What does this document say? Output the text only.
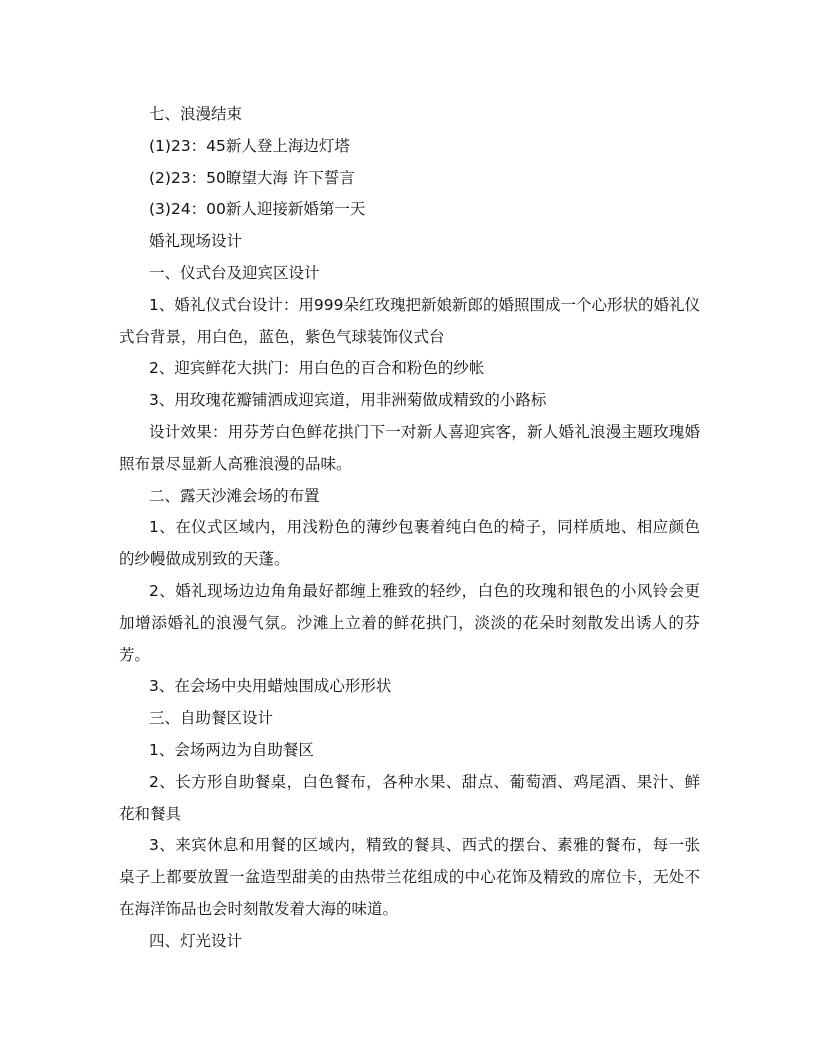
七、浪漫结束

(1)23：45新人登上海边灯塔

(2)23：50瞭望大海 许下誓言

(3)24：00新人迎接新婚第一天

婚礼现场设计

一、仪式台及迎宾区设计

1、婚礼仪式台设计：用999朵红玫瑰把新娘新郎的婚照围成一个心形状的婚礼仪式台背景，用白色，蓝色，紫色气球装饰仪式台

2、迎宾鲜花大拱门：用白色的百合和粉色的纱帐

3、用玫瑰花瓣铺洒成迎宾道，用非洲菊做成精致的小路标

设计效果：用芬芳白色鲜花拱门下一对新人喜迎宾客，新人婚礼浪漫主题玫瑰婚照布景尽显新人高雅浪漫的品味。

二、露天沙滩会场的布置

1、在仪式区域内，用浅粉色的薄纱包裹着纯白色的椅子，同样质地、相应颜色的纱幔做成别致的天蓬。

2、婚礼现场边边角角最好都缠上雅致的轻纱，白色的玫瑰和银色的小风铃会更加增添婚礼的浪漫气氛。沙滩上立着的鲜花拱门，淡淡的花朵时刻散发出诱人的芬芳。

3、在会场中央用蜡烛围成心形形状

三、自助餐区设计

1、会场两边为自助餐区

2、长方形自助餐桌，白色餐布，各种水果、甜点、葡萄酒、鸡尾酒、果汁、鲜花和餐具

3、来宾休息和用餐的区域内，精致的餐具、西式的摆台、素雅的餐布，每一张桌子上都要放置一盆造型甜美的由热带兰花组成的中心花饰及精致的席位卡，无处不在海洋饰品也会时刻散发着大海的味道。

四、灯光设计
